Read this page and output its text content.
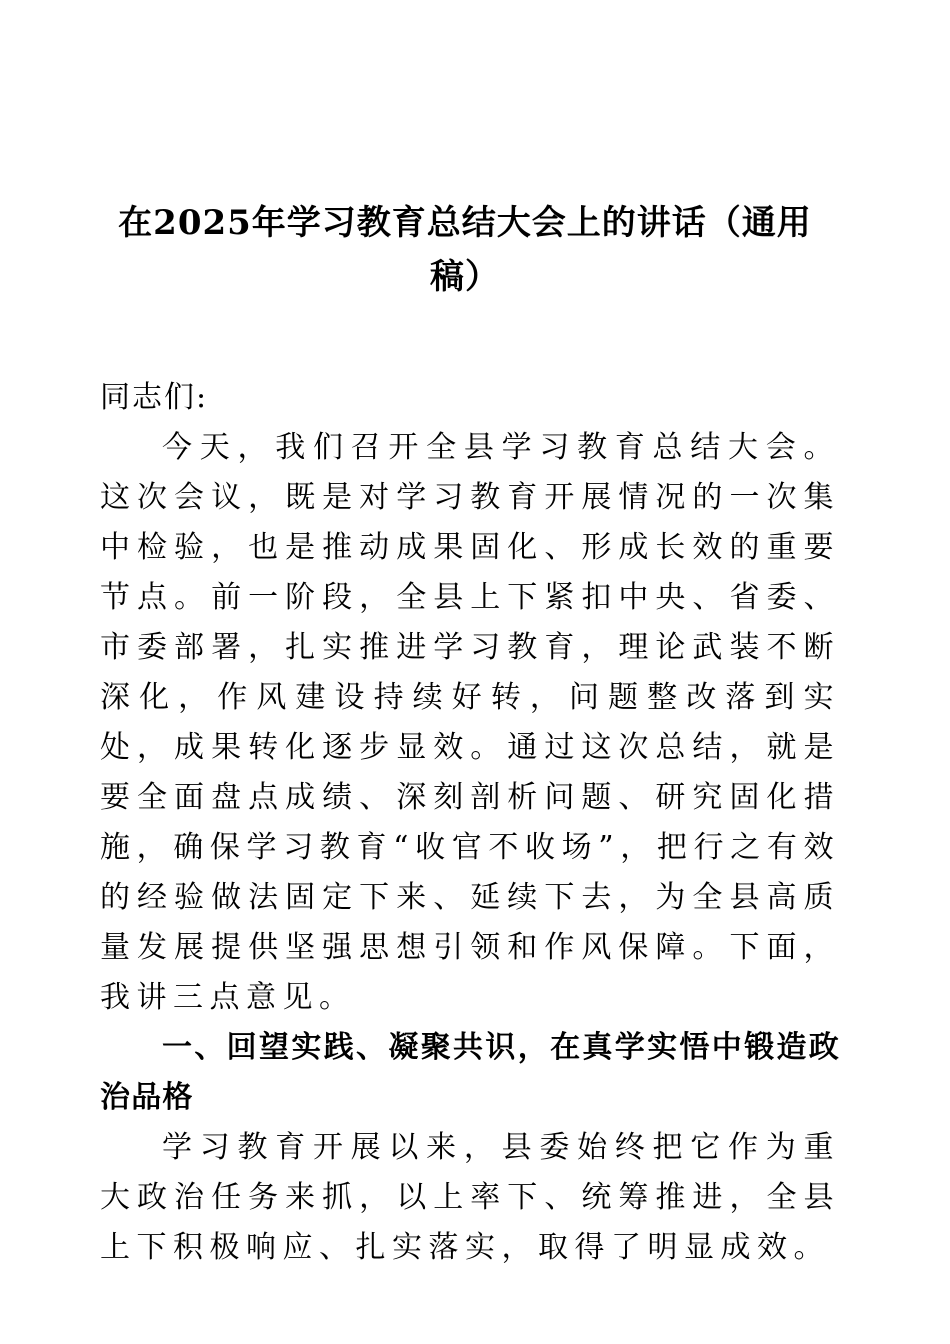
在2025年学习教育总结大会上的讲话（通用稿）

同志们:

今天，我们召开全县学习教育总结大会。这次会议，既是对学习教育开展情况的一次集中检验，也是推动成果固化、形成长效的重要节点。前一阶段，全县上下紧扣中央、省委、市委部署，扎实推进学习教育，理论武装不断深化，作风建设持续好转，问题整改落到实处，成果转化逐步显效。通过这次总结，就是要全面盘点成绩、深刻剖析问题、研究固化措施，确保学习教育“收官不收场”，把行之有效的经验做法固定下来、延续下去，为全县高质量发展提供坚强思想引领和作风保障。下面，我讲三点意见。

一、回望实践、凝聚共识，在真学实悟中锻造政治品格

学习教育开展以来，县委始终把它作为重大政治任务来抓，以上率下、统筹推进，全县上下积极响应、扎实落实，取得了明显成效。
